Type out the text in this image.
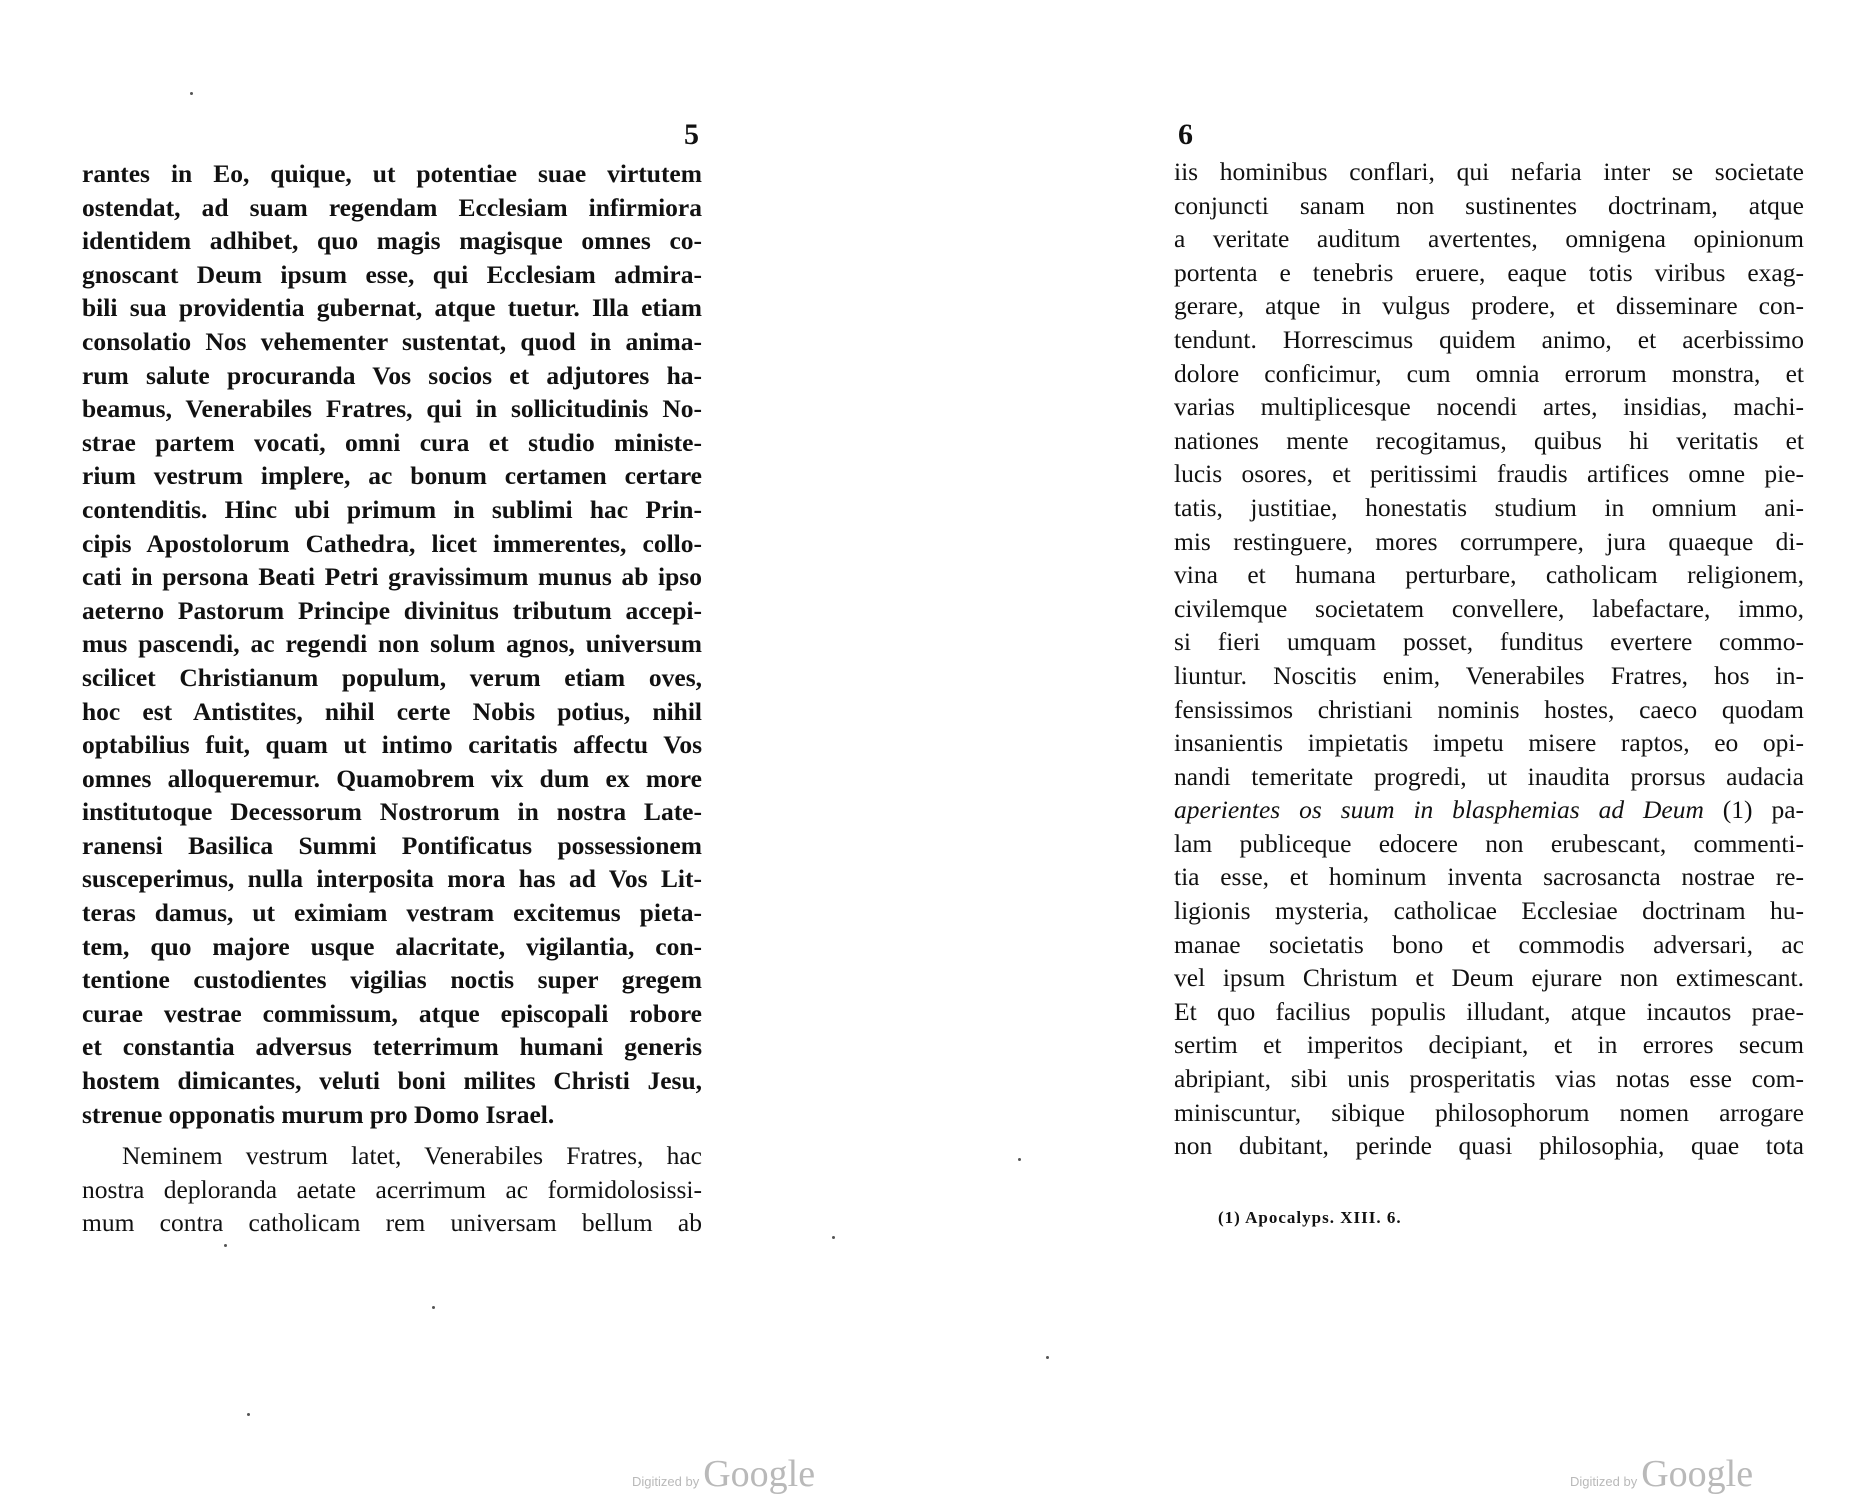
5
rantes in Eo, quique, ut potentiae suae virtutem
ostendat, ad suam regendam Ecclesiam infirmiora
identidem adhibet, quo magis magisque omnes co-
gnoscant Deum ipsum esse, qui Ecclesiam admira-
bili sua providentia gubernat, atque tuetur. Illa etiam
consolatio Nos vehementer sustentat, quod in anima-
rum salute procuranda Vos socios et adjutores ha-
beamus, Venerabiles Fratres, qui in sollicitudinis No-
strae partem vocati, omni cura et studio ministe-
rium vestrum implere, ac bonum certamen certare
contenditis. Hinc ubi primum in sublimi hac Prin-
cipis Apostolorum Cathedra, licet immerentes, collo-
cati in persona Beati Petri gravissimum munus ab ipso
aeterno Pastorum Principe divinitus tributum accepi-
mus pascendi, ac regendi non solum agnos, universum
scilicet Christianum populum, verum etiam oves,
hoc est Antistites, nihil certe Nobis potius, nihil
optabilius fuit, quam ut intimo caritatis affectu Vos
omnes alloqueremur. Quamobrem vix dum ex more
institutoque Decessorum Nostrorum in nostra Late-
ranensi Basilica Summi Pontificatus possessionem
susceperimus, nulla interposita mora has ad Vos Lit-
teras damus, ut eximiam vestram excitemus pieta-
tem, quo majore usque alacritate, vigilantia, con-
tentione custodientes vigilias noctis super gregem
curae vestrae commissum, atque episcopali robore
et constantia adversus teterrimum humani generis
hostem dimicantes, veluti boni milites Christi Jesu,
strenue opponatis murum pro Domo Israel.
Neminem vestrum latet, Venerabiles Fratres, hac
nostra deploranda aetate acerrimum ac formidolosissi-
mum contra catholicam rem universam bellum ab
Digitized by Google
6
iis hominibus conflari, qui nefaria inter se societate
conjuncti sanam non sustinentes doctrinam, atque
a veritate auditum avertentes, omnigena opinionum
portenta e tenebris eruere, eaque totis viribus exag-
gerare, atque in vulgus prodere, et disseminare con-
tendunt. Horrescimus quidem animo, et acerbissimo
dolore conficimur, cum omnia errorum monstra, et
varias multiplicesque nocendi artes, insidias, machi-
nationes mente recogitamus, quibus hi veritatis et
lucis osores, et peritissimi fraudis artifices omne pie-
tatis, justitiae, honestatis studium in omnium ani-
mis restinguere, mores corrumpere, jura quaeque di-
vina et humana perturbare, catholicam religionem,
civilemque societatem convellere, labefactare, immo,
si fieri umquam posset, funditus evertere commo-
liuntur. Noscitis enim, Venerabiles Fratres, hos in-
fensissimos christiani nominis hostes, caeco quodam
insanientis impietatis impetu misere raptos, eo opi-
nandi temeritate progredi, ut inaudita prorsus audacia
aperientes os suum in blasphemias ad Deum (1) pa-
lam publiceque edocere non erubescant, commenti-
tia esse, et hominum inventa sacrosancta nostrae re-
ligionis mysteria, catholicae Ecclesiae doctrinam hu-
manae societatis bono et commodis adversari, ac
vel ipsum Christum et Deum ejurare non extimescant.
Et quo facilius populis illudant, atque incautos prae-
sertim et imperitos decipiant, et in errores secum
abripiant, sibi unis prosperitatis vias notas esse com-
miniscuntur, sibique philosophorum nomen arrogare
non dubitant, perinde quasi philosophia, quae tota
(1) Apocalyps. XIII. 6.
Digitized by Google
